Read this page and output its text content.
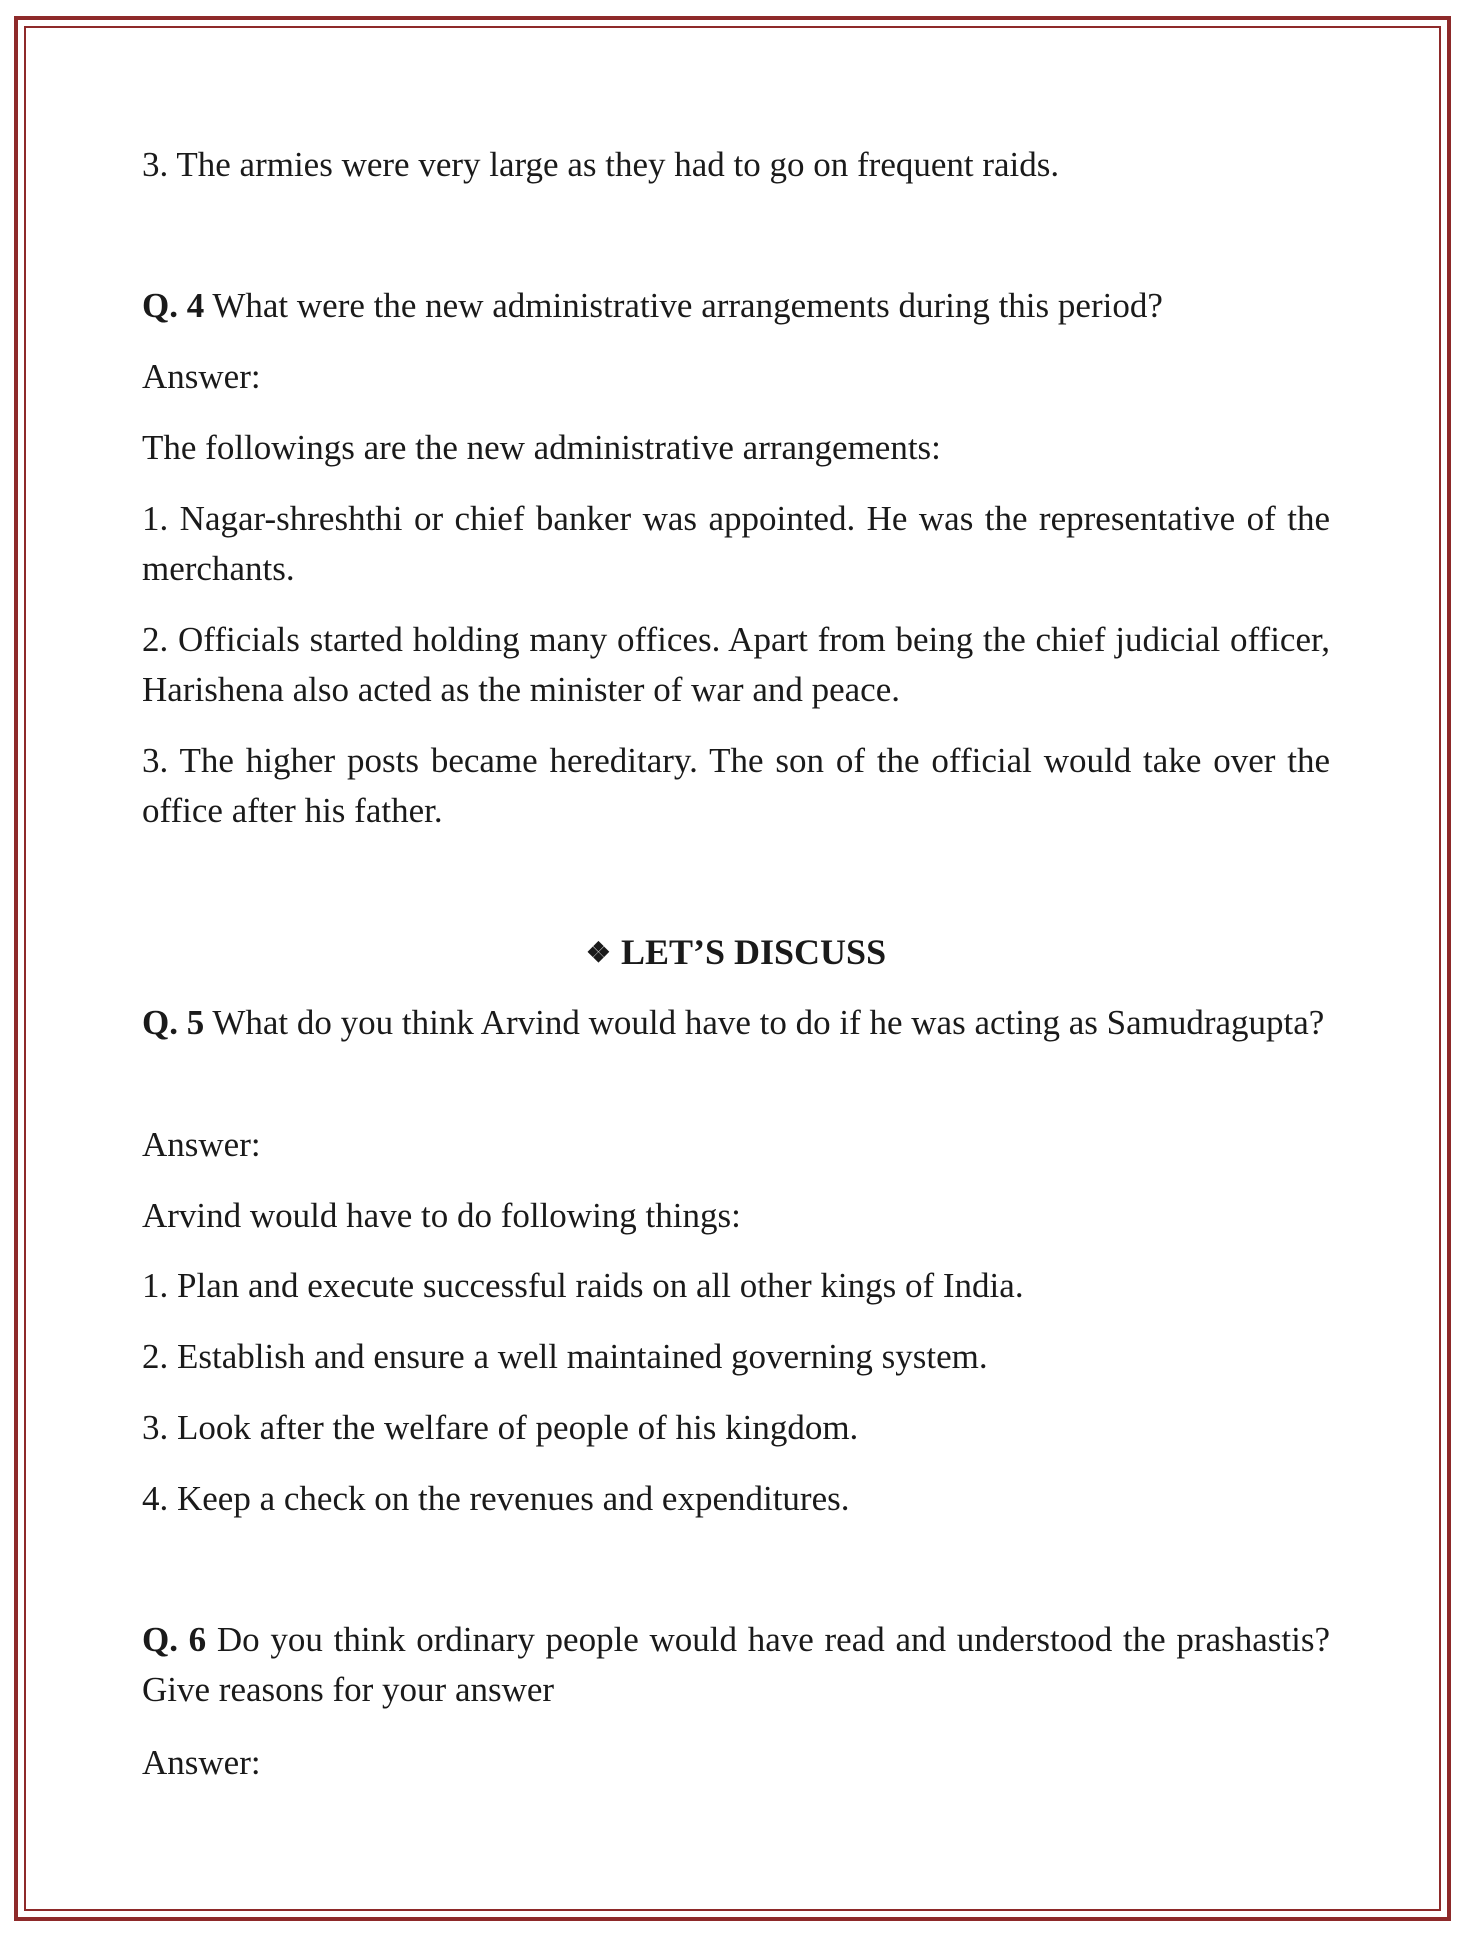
3. The armies were very large as they had to go on frequent raids.

Q. 4 What were the new administrative arrangements during this period?

Answer:

The followings are the new administrative arrangements:

1. Nagar-shreshthi or chief banker was appointed. He was the representative of the merchants.

2. Officials started holding many offices. Apart from being the chief judicial officer, Harishena also acted as the minister of war and peace.

3. The higher posts became hereditary. The son of the official would take over the office after his father.

❖ LET’S DISCUSS

Q. 5 What do you think Arvind would have to do if he was acting as Samudragupta?

Answer:

Arvind would have to do following things:

1. Plan and execute successful raids on all other kings of India.

2. Establish and ensure a well maintained governing system.

3. Look after the welfare of people of his kingdom.

4. Keep a check on the revenues and expenditures.

Q. 6 Do you think ordinary people would have read and understood the prashastis? Give reasons for your answer

Answer:
